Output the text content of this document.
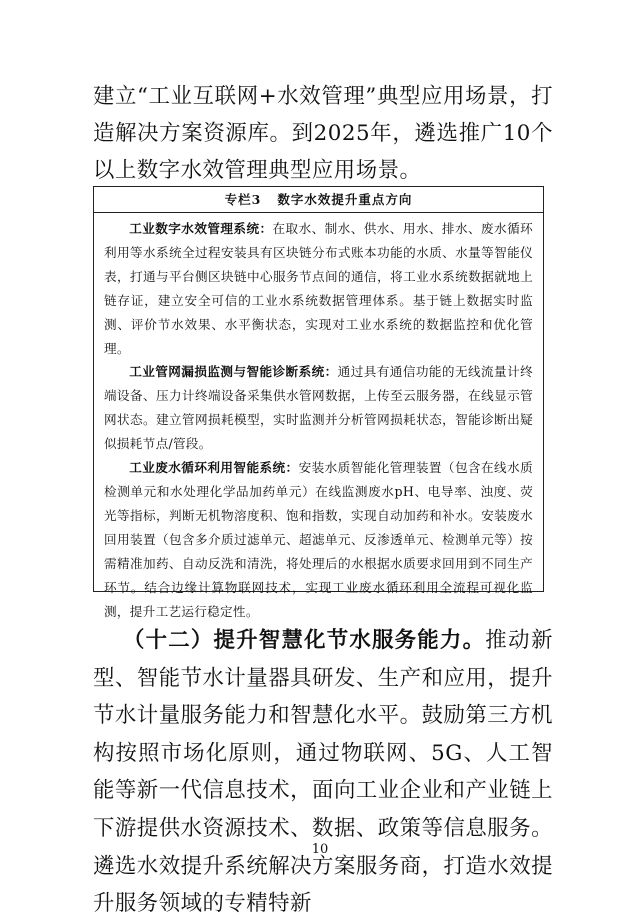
建立“工业互联网+水效管理”典型应用场景，打造解决方案资源库。到2025年，遴选推广10个以上数字水效管理典型应用场景。

专栏3   数字水效提升重点方向

工业数字水效管理系统：在取水、制水、供水、用水、排水、废水循环利用等水系统全过程安装具有区块链分布式账本功能的水质、水量等智能仪表，打通与平台侧区块链中心服务节点间的通信，将工业水系统数据就地上链存证，建立安全可信的工业水系统数据管理体系。基于链上数据实时监测、评价节水效果、水平衡状态，实现对工业水系统的数据监控和优化管理。

工业管网漏损监测与智能诊断系统：通过具有通信功能的无线流量计终端设备、压力计终端设备采集供水管网数据，上传至云服务器，在线显示管网状态。建立管网损耗模型，实时监测并分析管网损耗状态，智能诊断出疑似损耗节点/管段。

工业废水循环利用智能系统：安装水质智能化管理装置（包含在线水质检测单元和水处理化学品加药单元）在线监测废水pH、电导率、浊度、荧光等指标，判断无机物溶度积、饱和指数，实现自动加药和补水。安装废水回用装置（包含多介质过滤单元、超滤单元、反渗透单元、检测单元等）按需精准加药、自动反洗和清洗，将处理后的水根据水质要求回用到不同生产环节。结合边缘计算物联网技术，实现工业废水循环利用全流程可视化监测，提升工艺运行稳定性。

（十二）提升智慧化节水服务能力。推动新型、智能节水计量器具研发、生产和应用，提升节水计量服务能力和智慧化水平。鼓励第三方机构按照市场化原则，通过物联网、5G、人工智能等新一代信息技术，面向工业企业和产业链上下游提供水资源技术、数据、政策等信息服务。遴选水效提升系统解决方案服务商，打造水效提升服务领域的专精特新

10
